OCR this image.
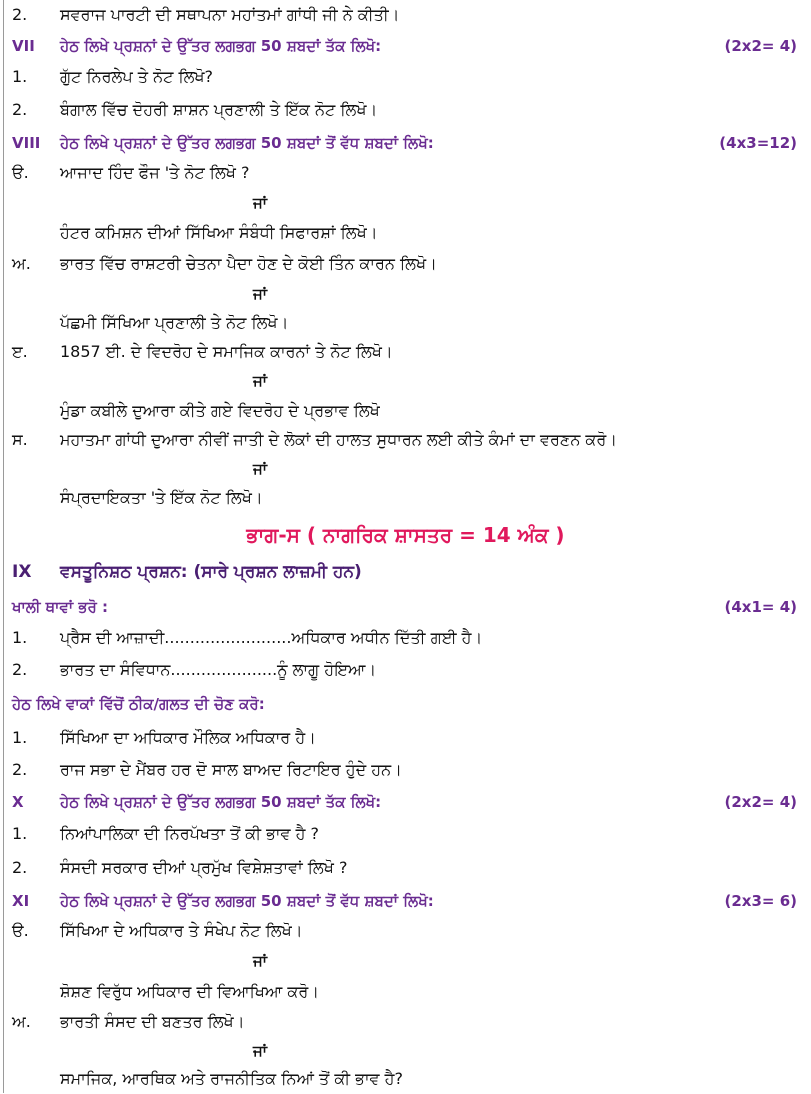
2. ਸਵਰਾਜ ਪਾਰਟੀ ਦੀ ਸਥਾਪਨਾ ਮਹਾਂਤਮਾਂ ਗਾਂਧੀ ਜੀ ਨੇ ਕੀਤੀ।
VII ਹੇਠ ਲਿਖੇ ਪ੍ਰਸ਼ਨਾਂ ਦੇ ਉੱਤਰ ਲਗਭਗ 50 ਸ਼ਬਦਾਂ ਤੱਕ ਲਿਖੋ:	(2x2= 4)
1. ਗੁੱਟ ਨਿਰਲੇਪ ਤੇ ਨੋਟ ਲਿਖੋ?
2. ਬੰਗਾਲ ਵਿੱਚ ਦੋਹਰੀ ਸ਼ਾਸ਼ਨ ਪ੍ਰਣਾਲੀ ਤੇ ਇੱਕ ਨੋਟ ਲਿਖੋ।
VIII ਹੇਠ ਲਿਖੇ ਪ੍ਰਸ਼ਨਾਂ ਦੇ ਉੱਤਰ ਲਗਭਗ 50 ਸ਼ਬਦਾਂ ਤੋਂ ਵੱਧ ਸ਼ਬਦਾਂ ਲਿਖੋ:	(4x3=12)
ੳ. ਆਜਾਦ ਹਿੰਦ ਫੌਜ 'ਤੇ ਨੋਟ ਲਿਖੋ ?
ਜਾਂ
ਹੰਟਰ ਕਮਿਸ਼ਨ ਦੀਆਂ ਸਿੱਖਿਆ ਸੰਬੰਧੀ ਸਿਫਾਰਸ਼ਾਂ ਲਿਖੋ।
ਅ. ਭਾਰਤ ਵਿੱਚ ਰਾਸ਼ਟਰੀ ਚੇਤਨਾ ਪੈਦਾ ਹੋਣ ਦੇ ਕੋਈ ਤਿੰਨ ਕਾਰਨ ਲਿਖੋ।
ਜਾਂ
ਪੱਛਮੀ ਸਿੱਖਿਆ ਪ੍ਰਣਾਲੀ ਤੇ ਨੋਟ ਲਿਖੋ।
ੲ. 1857 ਈ. ਦੇ ਵਿਦਰੋਹ ਦੇ ਸਮਾਜਿਕ ਕਾਰਨਾਂ ਤੇ ਨੋਟ ਲਿਖੋ।
ਜਾਂ
ਮੁੰਡਾ ਕਬੀਲੇ ਦੁਆਰਾ ਕੀਤੇ ਗਏ ਵਿਦਰੋਹ ਦੇ ਪ੍ਰਭਾਵ ਲਿਖੋ
ਸ. ਮਹਾਤਮਾ ਗਾਂਧੀ ਦੁਆਰਾ ਨੀਵੀਂ ਜਾਤੀ ਦੇ ਲੋਕਾਂ ਦੀ ਹਾਲਤ ਸੁਧਾਰਨ ਲਈ ਕੀਤੇ ਕੰਮਾਂ ਦਾ ਵਰਣਨ ਕਰੋ।
ਜਾਂ
ਸੰਪ੍ਰਦਾਇਕਤਾ 'ਤੇ ਇੱਕ ਨੋਟ ਲਿਖੋ।
ਭਾਗ-ਸ ( ਨਾਗਰਿਕ ਸ਼ਾਸਤਰ = 14 ਅੰਕ )
IX ਵਸਤੂਨਿਸ਼ਠ ਪ੍ਰਸ਼ਨ: (ਸਾਰੇ ਪ੍ਰਸ਼ਨ ਲਾਜ਼ਮੀ ਹਨ)
ਖਾਲੀ ਥਾਵਾਂ ਭਰੋ :	(4x1= 4)
1. ਪ੍ਰੈਸ ਦੀ ਆਜ਼ਾਦੀ.........................ਅਧਿਕਾਰ ਅਧੀਨ ਦਿੱਤੀ ਗਈ ਹੈ।
2. ਭਾਰਤ ਦਾ ਸੰਵਿਧਾਨ.....................ਨੂੰ ਲਾਗੂ ਹੋਇਆ।
ਹੇਠ ਲਿਖੇ ਵਾਕਾਂ ਵਿੱਚੋਂ ਠੀਕ/ਗਲਤ ਦੀ ਚੋਣ ਕਰੋ:
1. ਸਿੱਖਿਆ ਦਾ ਅਧਿਕਾਰ ਮੌਲਿਕ ਅਧਿਕਾਰ ਹੈ।
2. ਰਾਜ ਸਭਾ ਦੇ ਮੈਂਬਰ ਹਰ ਦੋ ਸਾਲ ਬਾਅਦ ਰਿਟਾਇਰ ਹੁੰਦੇ ਹਨ।
X ਹੇਠ ਲਿਖੇ ਪ੍ਰਸ਼ਨਾਂ ਦੇ ਉੱਤਰ ਲਗਭਗ 50 ਸ਼ਬਦਾਂ ਤੱਕ ਲਿਖੋ:	(2x2= 4)
1. ਨਿਆਂਪਾਲਿਕਾ ਦੀ ਨਿਰਪੱਖਤਾ ਤੋਂ ਕੀ ਭਾਵ ਹੈ ?
2. ਸੰਸਦੀ ਸਰਕਾਰ ਦੀਆਂ ਪ੍ਰਮੁੱਖ ਵਿਸ਼ੇਸ਼ਤਾਵਾਂ ਲਿਖੋ ?
XI ਹੇਠ ਲਿਖੇ ਪ੍ਰਸ਼ਨਾਂ ਦੇ ਉੱਤਰ ਲਗਭਗ 50 ਸ਼ਬਦਾਂ ਤੋਂ ਵੱਧ ਸ਼ਬਦਾਂ ਲਿਖੋ:	(2x3= 6)
ੳ. ਸਿੱਖਿਆ ਦੇ ਅਧਿਕਾਰ ਤੇ ਸੰਖੇਪ ਨੋਟ ਲਿਖੋ।
ਜਾਂ
ਸ਼ੋਸ਼ਣ ਵਿਰੁੱਧ ਅਧਿਕਾਰ ਦੀ ਵਿਆਖਿਆ ਕਰੋ।
ਅ. ਭਾਰਤੀ ਸੰਸਦ ਦੀ ਬਣਤਰ ਲਿਖੋ।
ਜਾਂ
ਸਮਾਜਿਕ, ਆਰਥਿਕ ਅਤੇ ਰਾਜਨੀਤਿਕ ਨਿਆਂ ਤੋਂ ਕੀ ਭਾਵ ਹੈ?
